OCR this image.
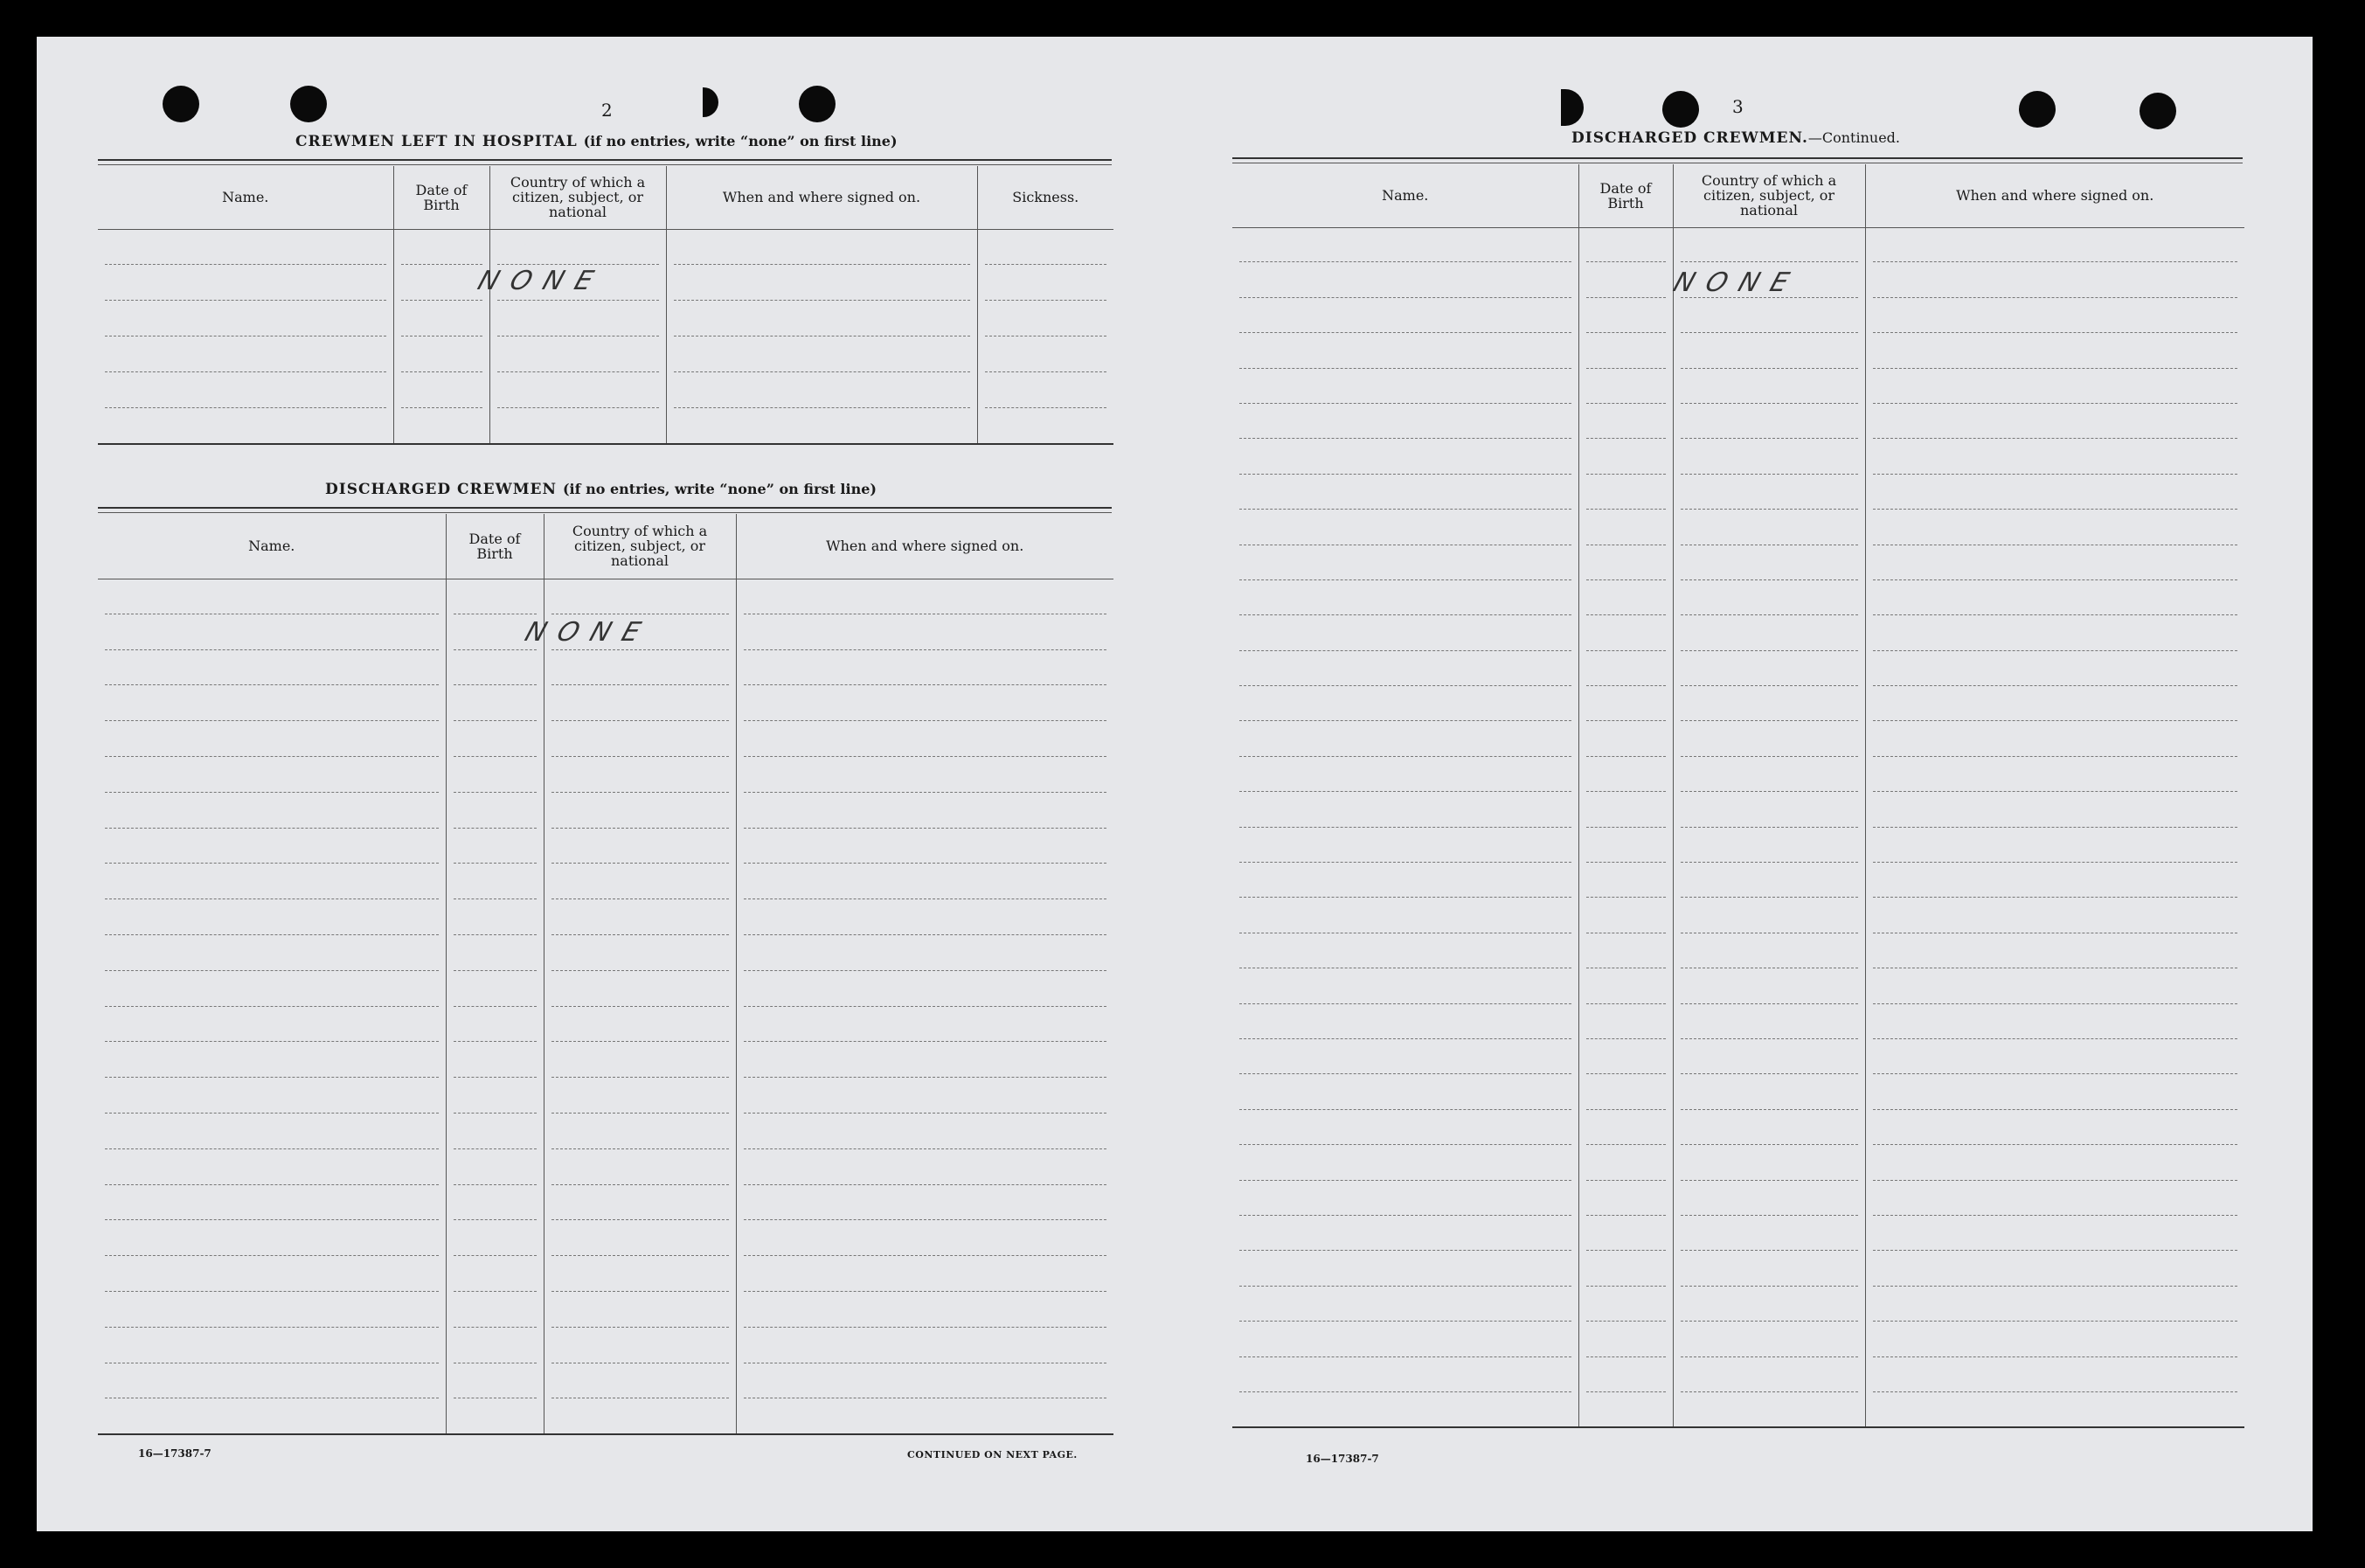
2
CREWMEN LEFT IN HOSPITAL (if no entries, write “none” on first line)
Name.	Date of Birth	Country of which a citizen, subject, or national	When and where signed on.	Sickness.

NONE
DISCHARGED CREWMEN (if no entries, write “none” on first line)
Name.	Date of Birth	Country of which a citizen, subject, or national	When and where signed on.

NONE
16—17387-7	CONTINUED ON NEXT PAGE.
3
DISCHARGED CREWMEN.—Continued.
Name.	Date of Birth	Country of which a citizen, subject, or national	When and where signed on.

NONE
16—17387-7
